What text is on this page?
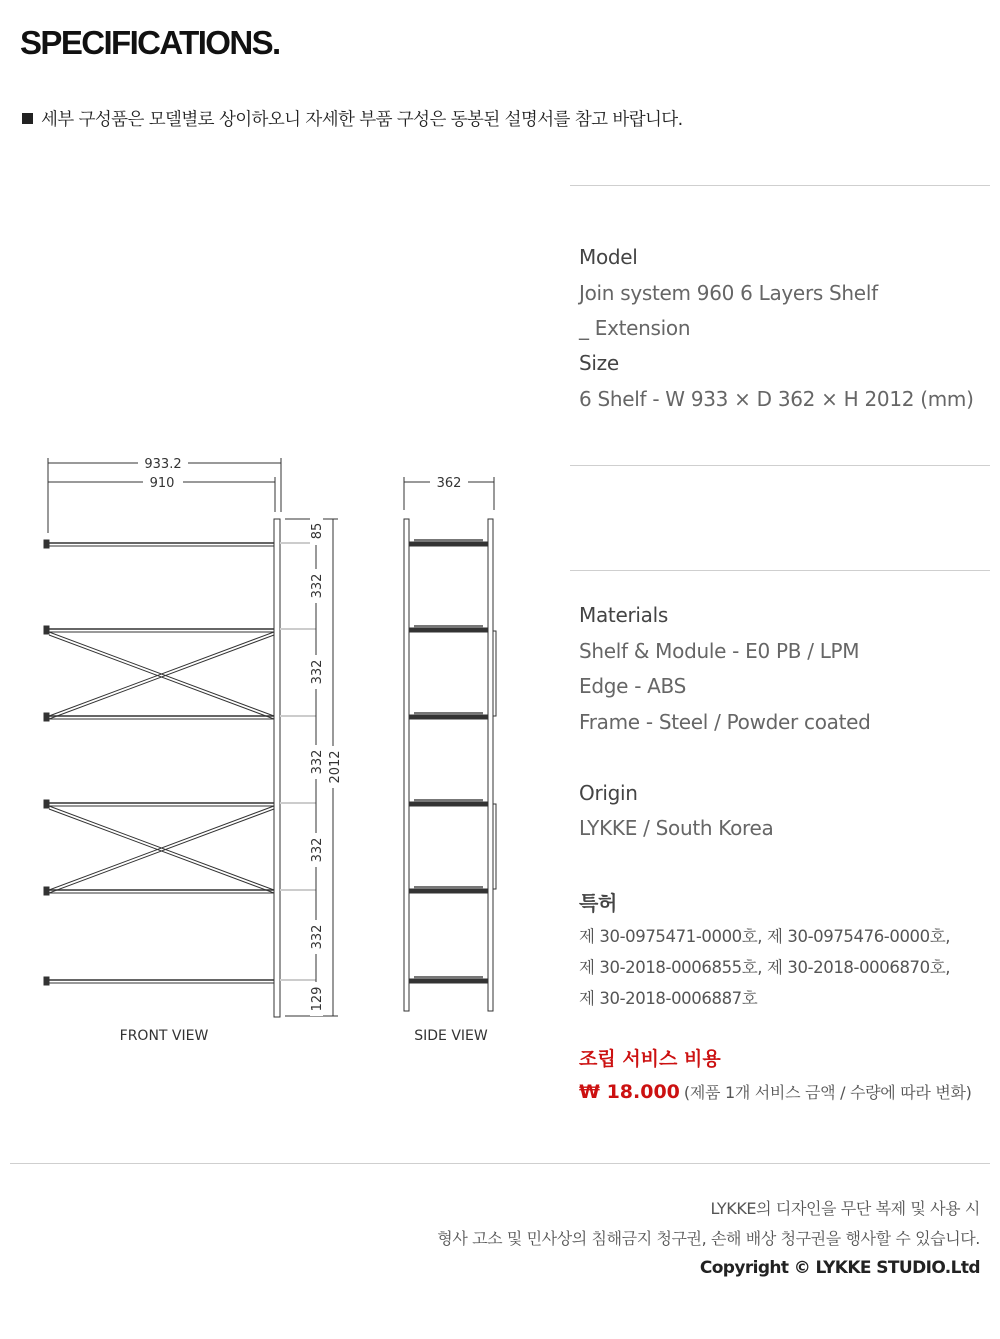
SPECIFICATIONS.
세부 구성품은 모델별로 상이하오니 자세한 부품 구성은 동봉된 설명서를 참고 바랍니다.
Model
Join system 960 6 Layers Shelf
_ Extension
Size
6 Shelf - W 933 × D 362 × H 2012 (mm)
Materials
Shelf & Module - E0 PB / LPM
Edge - ABS
Frame - Steel / Powder coated
Origin
LYKKE / South Korea
특허
제 30-0975471-0000호, 제 30-0975476-0000호,
제 30-2018-0006855호, 제 30-2018-0006870호,
제 30-2018-0006887호
조립 서비스 비용
₩ 18.000 (제품 1개 서비스 금액 / 수량에 따라 변화)
LYKKE의 디자인을 무단 복제 및 사용 시
형사 고소 및 민사상의 침해금지 청구권, 손해 배상 청구권을 행사할 수 있습니다.
Copyright © LYKKE STUDIO.Ltd
933.2
910
85
332
332
332
332
332
129
2012
FRONT VIEW
362
SIDE VIEW
